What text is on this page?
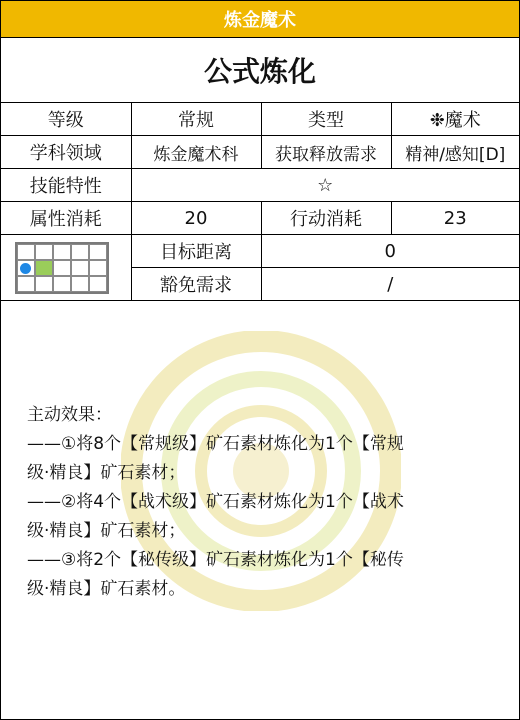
炼金魔术
公式炼化
等级	常规	类型	❉魔术
学科领域	炼金魔术科	获取释放需求	精神/感知[D]
技能特性	☆		
属性消耗	20	行动消耗	23

	目标距离	0	
	豁免需求	/	
主动效果：
——①将8个【常规级】矿石素材炼化为1个【常规
级·精良】矿石素材；
——②将4个【战术级】矿石素材炼化为1个【战术
级·精良】矿石素材；
——③将2个【秘传级】矿石素材炼化为1个【秘传
级·精良】矿石素材。
